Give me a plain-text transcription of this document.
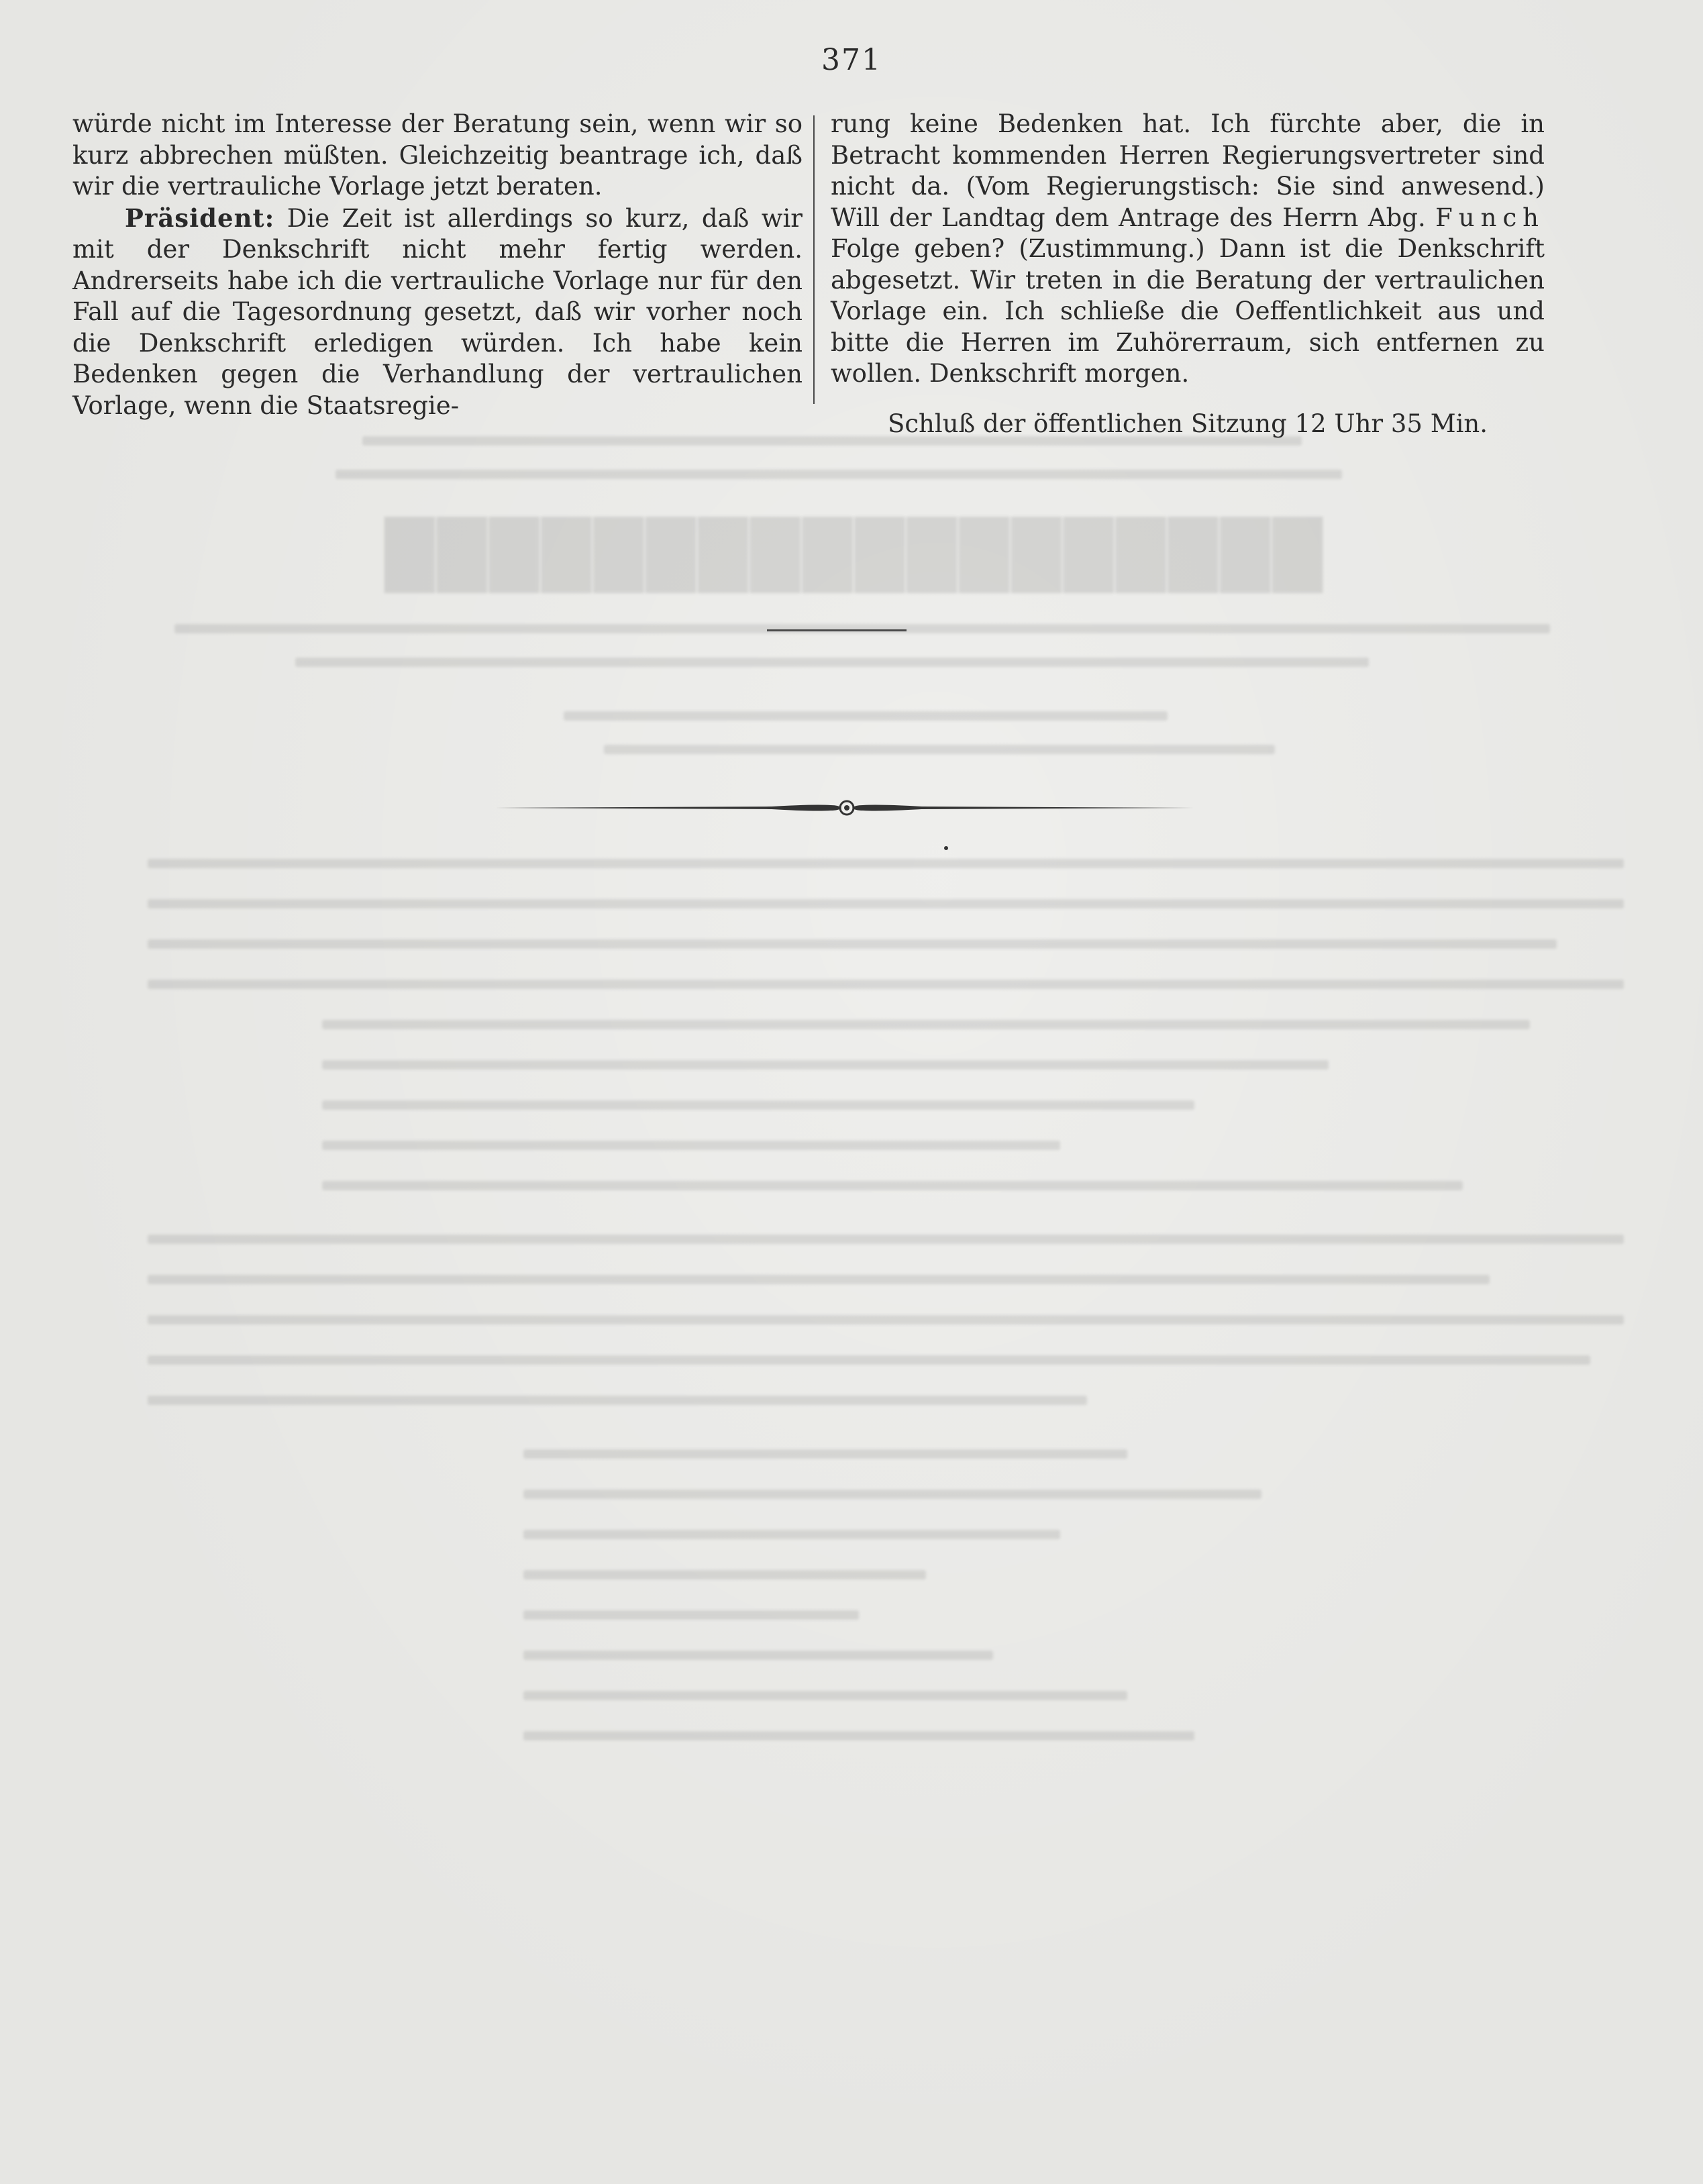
██████████████████
371

würde nicht im Interesse der Beratung sein, wenn wir so kurz abbrechen müßten. Gleichzeitig beantrage ich, daß wir die vertrauliche Vorlage jetzt beraten.

Präsident: Die Zeit ist allerdings so kurz, daß wir mit der Denkschrift nicht mehr fertig werden. Andrerseits habe ich die vertrauliche Vorlage nur für den Fall auf die Tagesordnung gesetzt, daß wir vorher noch die Denkschrift erledigen würden. Ich habe kein Bedenken gegen die Verhandlung der vertraulichen Vorlage, wenn die Staatsregie-

rung keine Bedenken hat. Ich fürchte aber, die in Betracht kommenden Herren Regierungsvertreter sind nicht da. (Vom Regierungstisch: Sie sind anwesend.) Will der Landtag dem Antrage des Herrn Abg. Funch Folge geben? (Zustimmung.) Dann ist die Denkschrift abgesetzt. Wir treten in die Beratung der vertraulichen Vorlage ein. Ich schließe die Oeffentlichkeit aus und bitte die Herren im Zuhörerraum, sich entfernen zu wollen. Denkschrift morgen.

Schluß der öffentlichen Sitzung 12 Uhr 35 Min.
